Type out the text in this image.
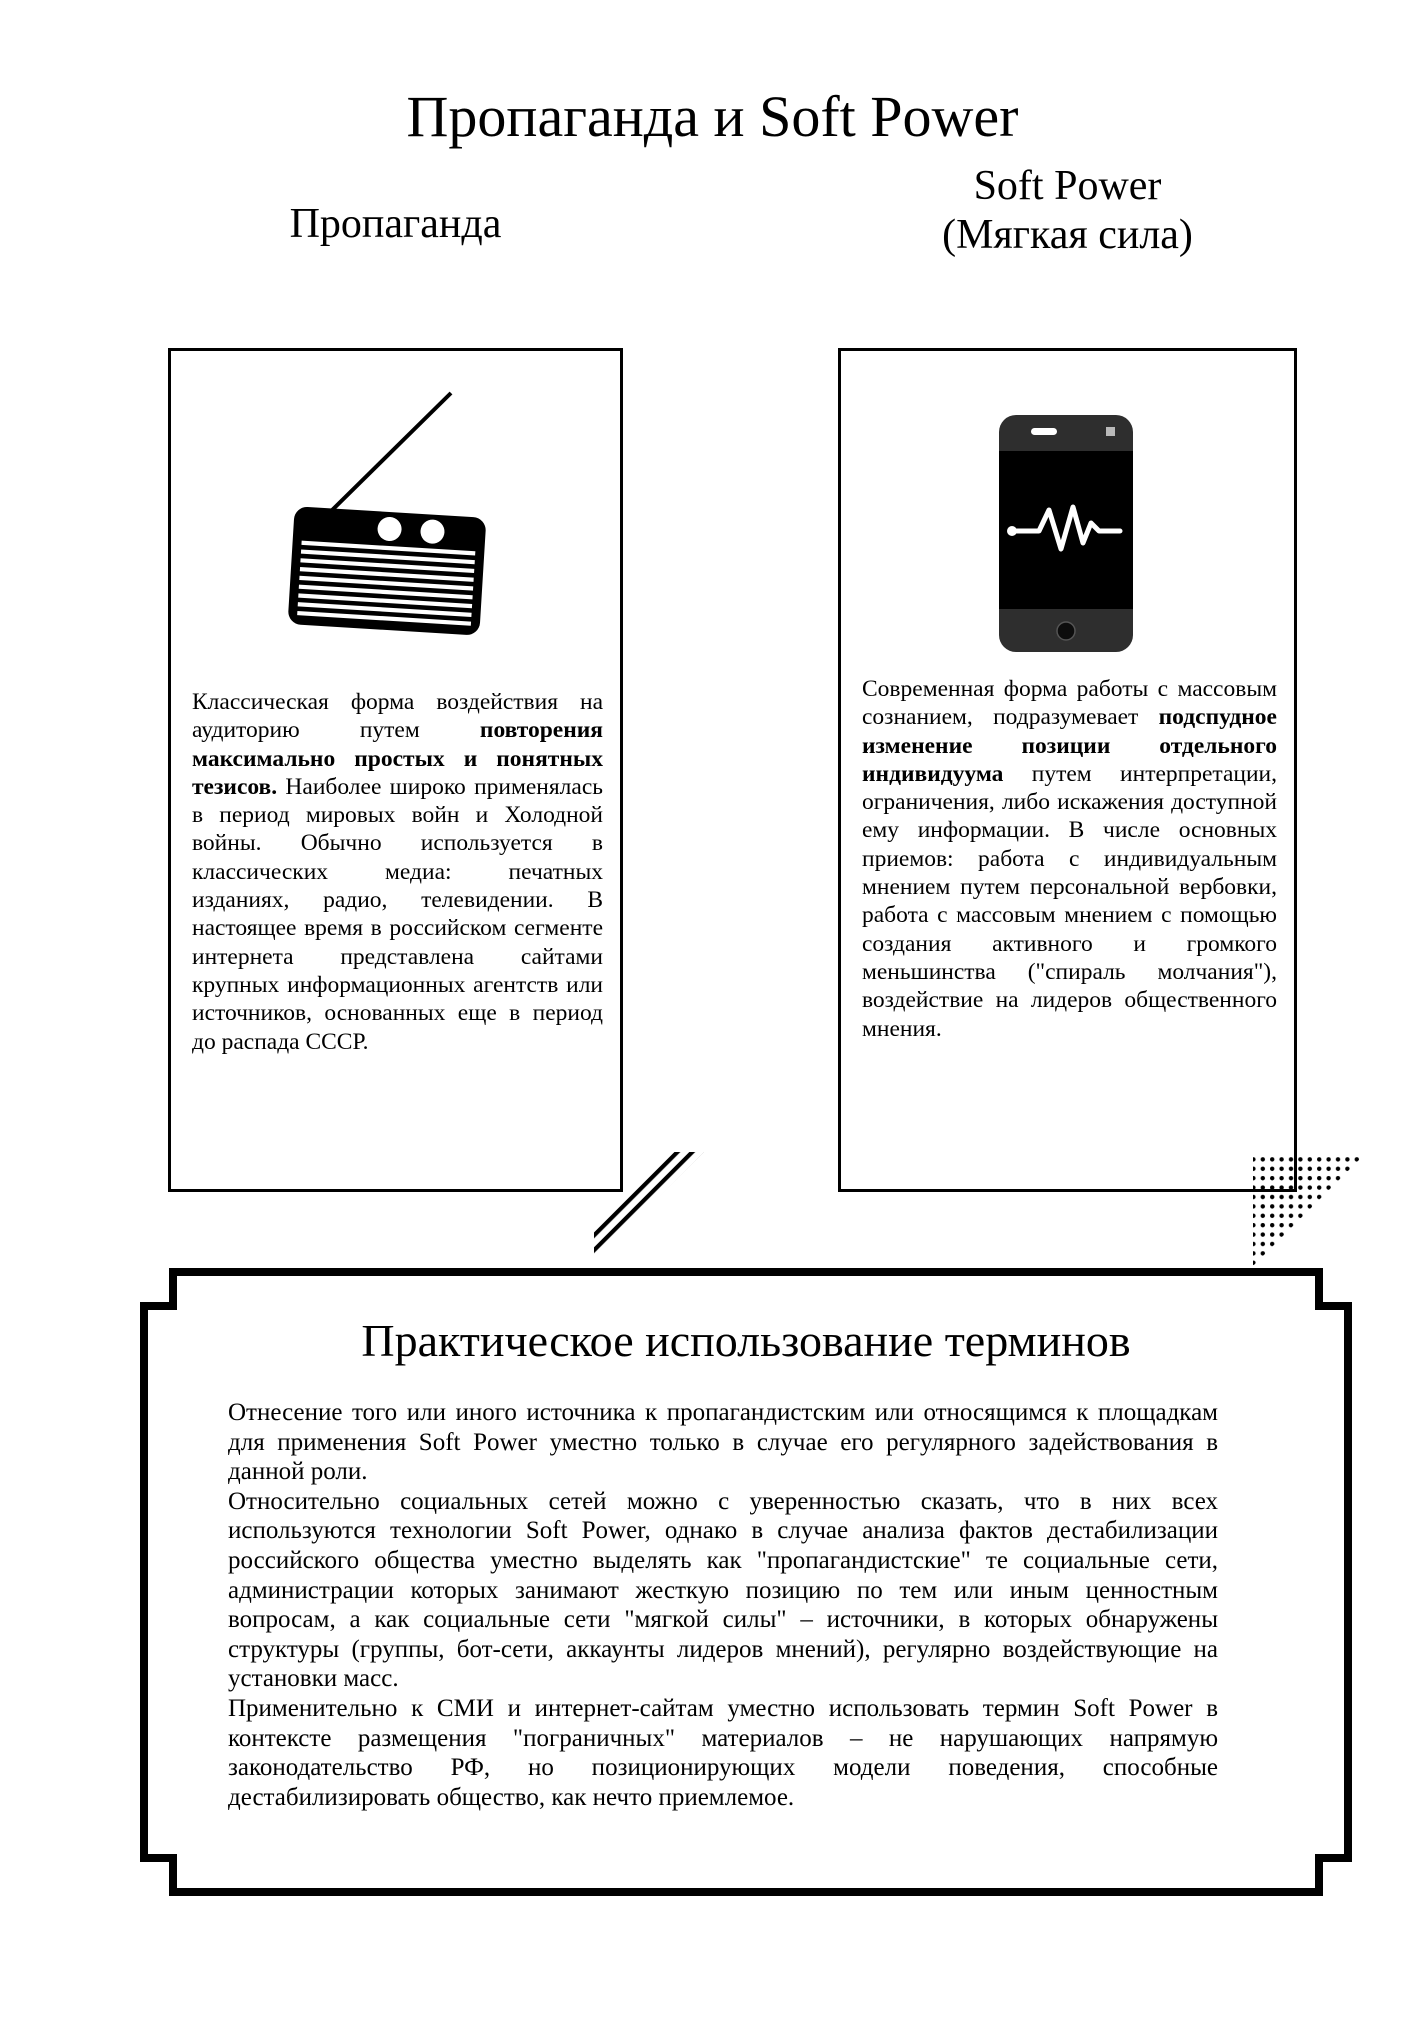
Пропаганда и Soft Power
Пропаганда
Soft Power
(Мягкая сила)
Классическая форма воздействия на аудиторию путем повторения максимально простых и понятных тезисов. Наиболее широко применялась в период мировых войн и Холодной войны. Обычно используется в классических медиа: печатных изданиях, радио, телевидении. В настоящее время в российском сегменте интернета представлена сайтами крупных информационных агентств или источников, основанных еще в период до распада СССР.
Современная форма работы с массовым сознанием, подразумевает подспудное изменение позиции отдельного индивидуума путем интерпретации, ограничения, либо искажения доступной ему информации. В числе основных приемов: работа с индивидуальным мнением путем персональной вербовки, работа с массовым мнением с помощью создания активного и громкого меньшинства ("спираль молчания"), воздействие на лидеров общественного мнения.
Практическое использование терминов

Отнесение того или иного источника к пропагандистским или относящимся к площадкам для применения Soft Power уместно только в случае его регулярного задействования в данной роли.

Относительно социальных сетей можно с уверенностью сказать, что в них всех используются технологии Soft Power, однако в случае анализа фактов дестабилизации российского общества уместно выделять как "пропагандистские" те социальные сети, администрации которых занимают жесткую позицию по тем или иным ценностным вопросам, а как социальные сети "мягкой силы" – источники, в которых обнаружены структуры (группы, бот-сети, аккаунты лидеров мнений), регулярно воздействующие на установки масс.

Применительно к СМИ и интернет-сайтам уместно использовать термин Soft Power в контексте размещения "пограничных" материалов – не нарушающих напрямую законодательство РФ, но позиционирующих модели поведения, способные дестабилизировать общество, как нечто приемлемое.
